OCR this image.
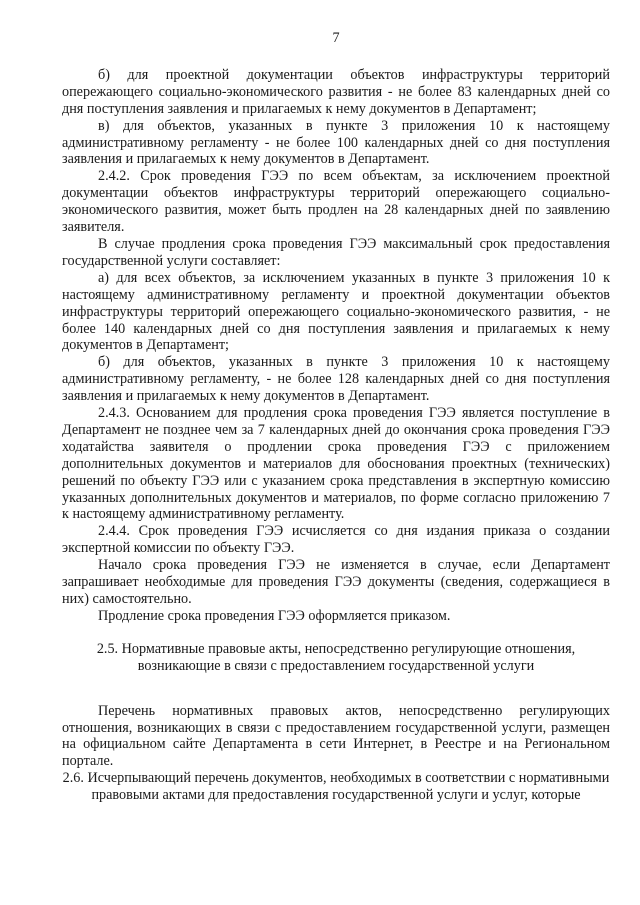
7

б) для проектной документации объектов инфраструктуры территорий опережающего социально-экономического развития - не более 83 календарных дней со дня поступления заявления и прилагаемых к нему документов в Департамент;

в) для объектов, указанных в пункте 3 приложения 10 к настоящему административному регламенту - не более 100 календарных дней со дня поступления заявления и прилагаемых к нему документов в Департамент.

2.4.2. Срок проведения ГЭЭ по всем объектам, за исключением проектной документации объектов инфраструктуры территорий опережающего социально-экономического развития, может быть продлен на 28 календарных дней по заявлению заявителя.

В случае продления срока проведения ГЭЭ максимальный срок предоставления государственной услуги составляет:

а) для всех объектов, за исключением указанных в пункте 3 приложения 10 к настоящему административному регламенту и проектной документации объектов инфраструктуры территорий опережающего социально-экономического развития, - не более 140 календарных дней со дня поступления заявления и прилагаемых к нему документов в Департамент;

б) для объектов, указанных в пункте 3 приложения 10 к настоящему административному регламенту, - не более 128 календарных дней со дня поступления заявления и прилагаемых к нему документов в Департамент.

2.4.3. Основанием для продления срока проведения ГЭЭ является поступление в Департамент не позднее чем за 7 календарных дней до окончания срока проведения ГЭЭ ходатайства заявителя о продлении срока проведения ГЭЭ с приложением дополнительных документов и материалов для обоснования проектных (технических) решений по объекту ГЭЭ или с указанием срока представления в экспертную комиссию указанных дополнительных документов и материалов, по форме согласно приложению 7 к настоящему административному регламенту.

2.4.4. Срок проведения ГЭЭ исчисляется со дня издания приказа о создании экспертной комиссии по объекту ГЭЭ.

Начало срока проведения ГЭЭ не изменяется в случае, если Департамент запрашивает необходимые для проведения ГЭЭ документы (сведения, содержащиеся в них) самостоятельно.

Продление срока проведения ГЭЭ оформляется приказом.

2.5. Нормативные правовые акты, непосредственно регулирующие отношения, возникающие в связи с предоставлением государственной услуги

Перечень нормативных правовых актов, непосредственно регулирующих отношения, возникающих в связи с предоставлением государственной услуги, размещен на официальном сайте Департамента в сети Интернет, в Реестре и на Региональном портале.

2.6. Исчерпывающий перечень документов, необходимых в соответствии с нормативными правовыми актами для предоставления государственной услуги и услуг, которые
